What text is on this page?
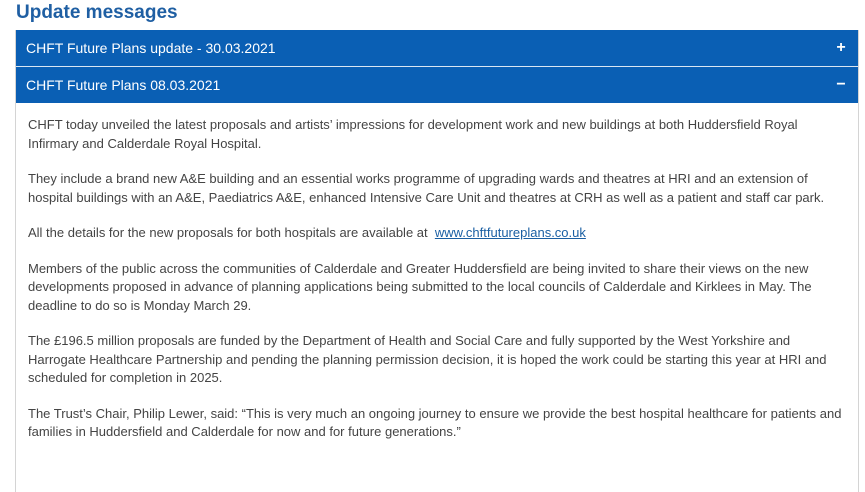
Update messages
CHFT Future Plans update - 30.03.2021	+
CHFT Future Plans 08.03.2021	−

CHFT today unveiled the latest proposals and artists’ impressions for development work and new buildings at both Huddersfield Royal Infirmary and Calderdale Royal Hospital.

They include a brand new A&E building and an essential works programme of upgrading wards and theatres at HRI and an extension of hospital buildings with an A&E, Paediatrics A&E, enhanced Intensive Care Unit and theatres at CRH as well as a patient and staff car park.

All the details for the new proposals for both hospitals are available at www.chftfutureplans.co.uk

Members of the public across the communities of Calderdale and Greater Huddersfield are being invited to share their views on the new developments proposed in advance of planning applications being submitted to the local councils of Calderdale and Kirklees in May. The deadline to do so is Monday March 29.

The £196.5 million proposals are funded by the Department of Health and Social Care and fully supported by the West Yorkshire and Harrogate Healthcare Partnership and pending the planning permission decision, it is hoped the work could be starting this year at HRI and scheduled for completion in 2025.

The Trust’s Chair, Philip Lewer, said: “This is very much an ongoing journey to ensure we provide the best hospital healthcare for patients and families in Huddersfield and Calderdale for now and for future generations.”
